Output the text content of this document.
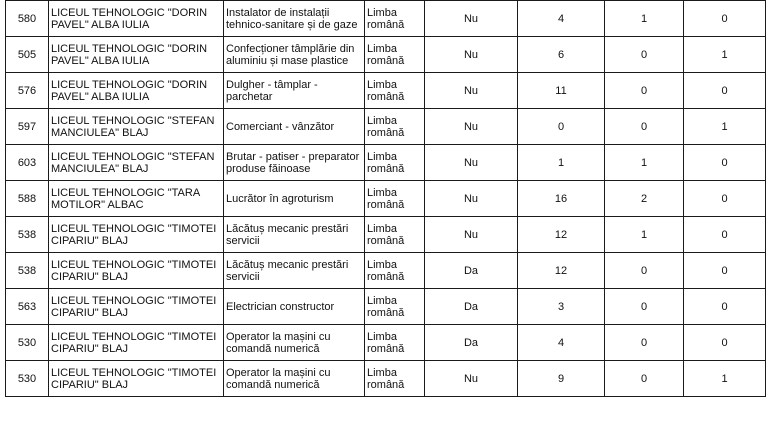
580	LICEUL TEHNOLOGIC "DORIN PAVEL" ALBA IULIA	Instalator de instalații tehnico-sanitare și de gaze	Limba română	Nu	4	1	0
505	LICEUL TEHNOLOGIC "DORIN PAVEL" ALBA IULIA	Confecționer tâmplărie din aluminiu și mase plastice	Limba română	Nu	6	0	1
576	LICEUL TEHNOLOGIC "DORIN PAVEL" ALBA IULIA	Dulgher - tâmplar - parchetar	Limba română	Nu	11	0	0
597	LICEUL TEHNOLOGIC "STEFAN MANCIULEA" BLAJ	Comerciant - vânzător	Limba română	Nu	0	0	1
603	LICEUL TEHNOLOGIC "STEFAN MANCIULEA" BLAJ	Brutar - patiser - preparator produse făinoase	Limba română	Nu	1	1	0
588	LICEUL TEHNOLOGIC "TARA MOTILOR" ALBAC	Lucrător în agroturism	Limba română	Nu	16	2	0
538	LICEUL TEHNOLOGIC "TIMOTEI CIPARIU" BLAJ	Lăcătuș mecanic prestări servicii	Limba română	Nu	12	1	0
538	LICEUL TEHNOLOGIC "TIMOTEI CIPARIU" BLAJ	Lăcătuș mecanic prestări servicii	Limba română	Da	12	0	0
563	LICEUL TEHNOLOGIC "TIMOTEI CIPARIU" BLAJ	Electrician constructor	Limba română	Da	3	0	0
530	LICEUL TEHNOLOGIC "TIMOTEI CIPARIU" BLAJ	Operator la mașini cu comandă numerică	Limba română	Da	4	0	0
530	LICEUL TEHNOLOGIC "TIMOTEI CIPARIU" BLAJ	Operator la mașini cu comandă numerică	Limba română	Nu	9	0	1
